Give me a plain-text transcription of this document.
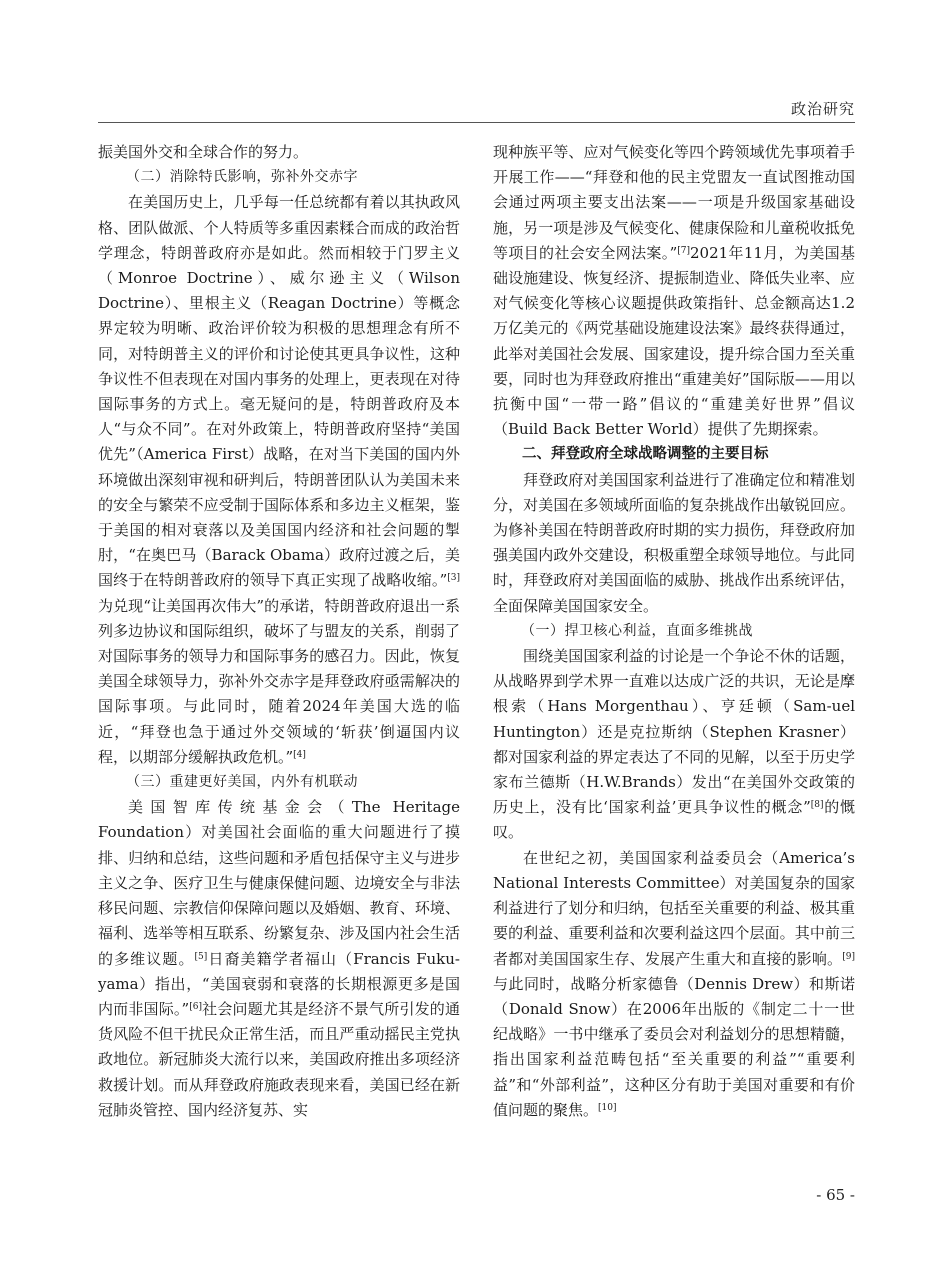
政治研究

振美国外交和全球合作的努力。

（二）消除特氏影响，弥补外交赤字

在美国历史上，几乎每一任总统都有着以其执政风格、团队做派、个人特质等多重因素糅合而成的政治哲学理念，特朗普政府亦是如此。然而相较于门罗主义（Monroe Doctrine）、威尔逊主义（Wilson Doctrine）、里根主义（Reagan Doctrine）等概念界定较为明晰、政治评价较为积极的思想理念有所不同，对特朗普主义的评价和讨论使其更具争议性，这种争议性不但表现在对国内事务的处理上，更表现在对待国际事务的方式上。毫无疑问的是，特朗普政府及本人“与众不同”。在对外政策上，特朗普政府坚持“美国优先”（America First）战略，在对当下美国的国内外环境做出深刻审视和研判后，特朗普团队认为美国未来的安全与繁荣不应受制于国际体系和多边主义框架，鉴于美国的相对衰落以及美国国内经济和社会问题的掣肘，“在奥巴马（Barack Obama）政府过渡之后，美国终于在特朗普政府的领导下真正实现了战略收缩。”[3]为兑现“让美国再次伟大”的承诺，特朗普政府退出一系列多边协议和国际组织，破坏了与盟友的关系，削弱了对国际事务的领导力和国际事务的感召力。因此，恢复美国全球领导力，弥补外交赤字是拜登政府亟需解决的国际事项。与此同时，随着2024年美国大选的临近，“拜登也急于通过外交领域的‘斩获’倒逼国内议程，以期部分缓解执政危机。”[4]

（三）重建更好美国，内外有机联动

美国智库传统基金会（The Heritage Foundation）对美国社会面临的重大问题进行了摸排、归纳和总结，这些问题和矛盾包括保守主义与进步主义之争、医疗卫生与健康保健问题、边境安全与非法移民问题、宗教信仰保障问题以及婚姻、教育、环境、福利、选举等相互联系、纷繁复杂、涉及国内社会生活的多维议题。[5]日裔美籍学者福山（Francis Fuku-yama）指出，“美国衰弱和衰落的长期根源更多是国内而非国际。”[6]社会问题尤其是经济不景气所引发的通货风险不但干扰民众正常生活，而且严重动摇民主党执政地位。新冠肺炎大流行以来，美国政府推出多项经济救援计划。而从拜登政府施政表现来看，美国已经在新冠肺炎管控、国内经济复苏、实

现种族平等、应对气候变化等四个跨领域优先事项着手开展工作——“拜登和他的民主党盟友一直试图推动国会通过两项主要支出法案——一项是升级国家基础设施，另一项是涉及气候变化、健康保险和儿童税收抵免等项目的社会安全网法案。”[7]2021年11月，为美国基础设施建设、恢复经济、提振制造业、降低失业率、应对气候变化等核心议题提供政策指针、总金额高达1.2万亿美元的《两党基础设施建设法案》最终获得通过，此举对美国社会发展、国家建设，提升综合国力至关重要，同时也为拜登政府推出“重建美好”国际版——用以抗衡中国“一带一路”倡议的“重建美好世界”倡议（Build Back Better World）提供了先期探索。

二、拜登政府全球战略调整的主要目标

拜登政府对美国国家利益进行了准确定位和精准划分，对美国在多领域所面临的复杂挑战作出敏锐回应。为修补美国在特朗普政府时期的实力损伤，拜登政府加强美国内政外交建设，积极重塑全球领导地位。与此同时，拜登政府对美国面临的威胁、挑战作出系统评估，全面保障美国国家安全。

（一）捍卫核心利益，直面多维挑战

围绕美国国家利益的讨论是一个争论不休的话题，从战略界到学术界一直难以达成广泛的共识，无论是摩根索（Hans Morgenthau）、亨廷顿（Sam-uel Huntington）还是克拉斯纳（Stephen Krasner）都对国家利益的界定表达了不同的见解，以至于历史学家布兰德斯（H.W.Brands）发出“在美国外交政策的历史上，没有比‘国家利益’更具争议性的概念”[8]的慨叹。

在世纪之初，美国国家利益委员会（America’s National Interests Committee）对美国复杂的国家利益进行了划分和归纳，包括至关重要的利益、极其重要的利益、重要利益和次要利益这四个层面。其中前三者都对美国国家生存、发展产生重大和直接的影响。[9]与此同时，战略分析家德鲁（Dennis Drew）和斯诺（Donald Snow）在2006年出版的《制定二十一世纪战略》一书中继承了委员会对利益划分的思想精髓，指出国家利益范畴包括“至关重要的利益”“重要利益”和“外部利益”，这种区分有助于美国对重要和有价值问题的聚焦。[10]

- 65 -
